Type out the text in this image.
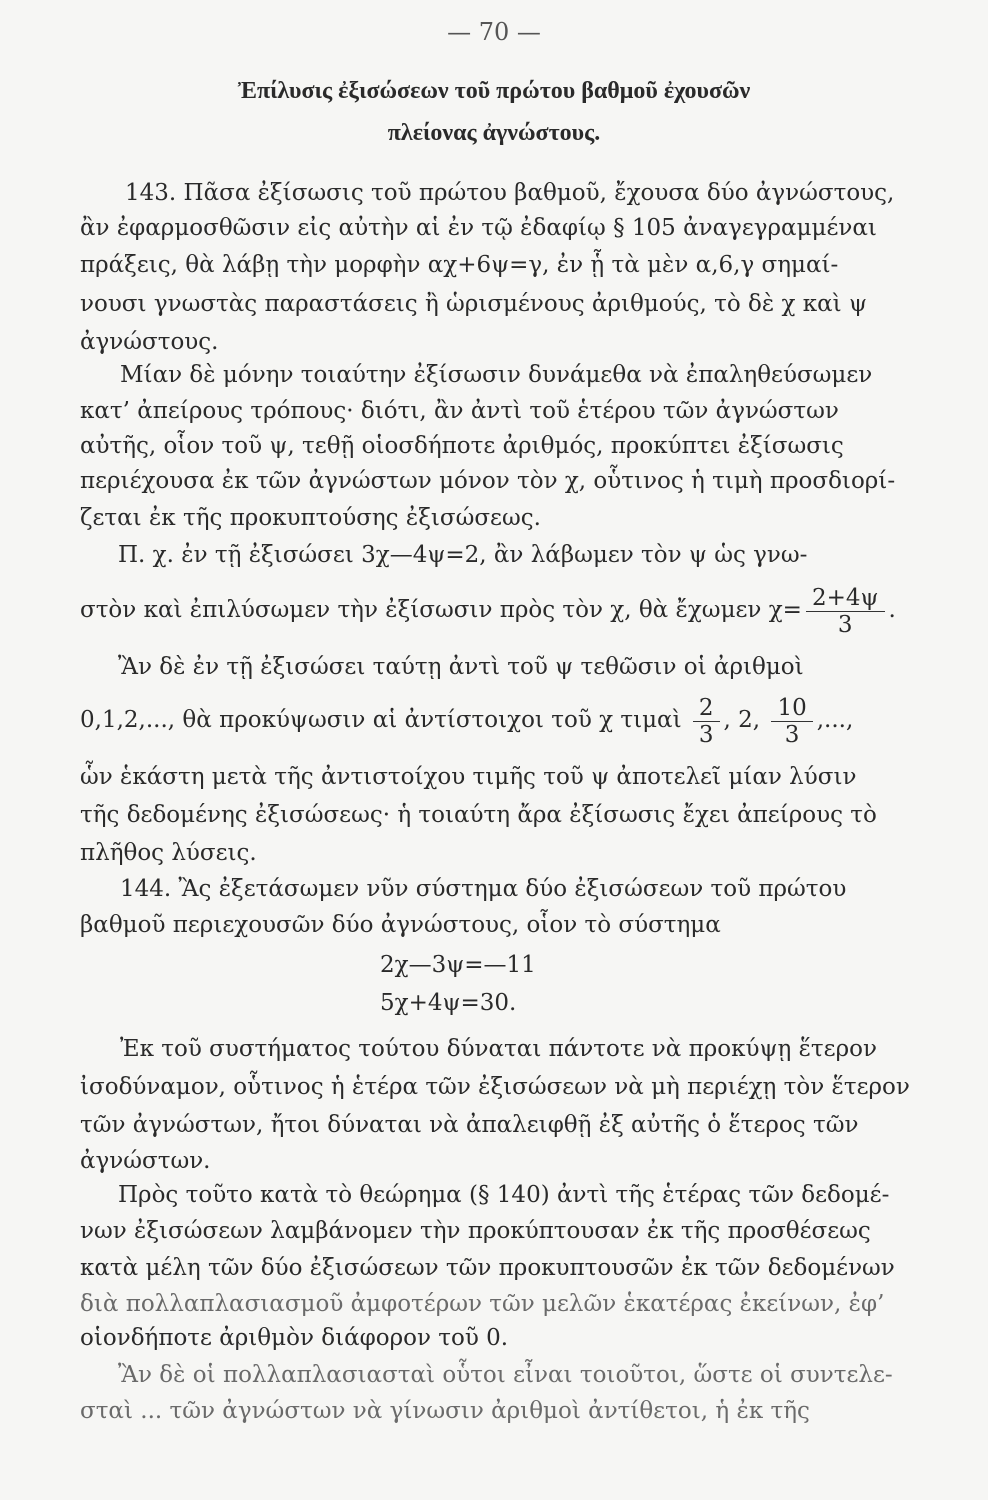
— 70 —
Ἐπίλυσις ἐξισώσεων τοῦ πρώτου βαθμοῦ ἐχουσῶν
πλείονας ἀγνώστους.
143. Πᾶσα ἐξίσωσις τοῦ πρώτου βαθμοῦ, ἔχουσα δύο ἀγνώστους,
ἂν ἐφαρμοσθῶσιν εἰς αὐτὴν αἱ ἐν τῷ ἐδαφίῳ § 105 ἀναγεγραμμέναι
πράξεις, θὰ λάβῃ τὴν μορφὴν αχ+6ψ=γ, ἐν ᾗ τὰ μὲν α,6,γ σημαί-
νουσι γνωστὰς παραστάσεις ἢ ὡρισμένους ἀριθμούς, τὸ δὲ χ καὶ ψ
ἀγνώστους.
Μίαν δὲ μόνην τοιαύτην ἐξίσωσιν δυνάμεθα νὰ ἐπαληθεύσωμεν
κατ’ ἀπείρους τρόπους· διότι, ἂν ἀντὶ τοῦ ἑτέρου τῶν ἀγνώστων
αὐτῆς, οἷον τοῦ ψ, τεθῇ οἱοσδήποτε ἀριθμός, προκύπτει ἐξίσωσις
περιέχουσα ἐκ τῶν ἀγνώστων μόνον τὸν χ, οὗτινος ἡ τιμὴ προσδιορί-
ζεται ἐκ τῆς προκυπτούσης ἐξισώσεως.
Π. χ. ἐν τῇ ἐξισώσει 3χ—4ψ=2, ἂν λάβωμεν τὸν ψ ὡς γνω-
στὸν καὶ ἐπιλύσωμεν τὴν ἐξίσωσιν πρὸς τὸν χ, θὰ ἔχωμεν $\chi= \frac{2+4\psi}{3}$ .
Ἂν δὲ ἐν τῇ ἐξισώσει ταύτῃ ἀντὶ τοῦ ψ τεθῶσιν οἱ ἀριθμοὶ
0,1,2,..., θὰ προκύψωσιν αἱ ἀντίστοιχοι τοῦ χ τιμαὶ $\frac{2}{3}$ , 2, $\frac{10}{3}$ ,...,
ὧν ἑκάστη μετὰ τῆς ἀντιστοίχου τιμῆς τοῦ ψ ἀποτελεῖ μίαν λύσιν
τῆς δεδομένης ἐξισώσεως· ἡ τοιαύτη ἄρα ἐξίσωσις ἔχει ἀπείρους τὸ
πλῆθος λύσεις.
144. Ἂς ἐξετάσωμεν νῦν σύστημα δύο ἐξισώσεων τοῦ πρώτου
βαθμοῦ περιεχουσῶν δύο ἀγνώστους, οἷον τὸ σύστημα
2χ—3ψ=—11
5χ+4ψ=30.
Ἐκ τοῦ συστήματος τούτου δύναται πάντοτε νὰ προκύψῃ ἕτερον
ἰσοδύναμον, οὗτινος ἡ ἑτέρα τῶν ἐξισώσεων νὰ μὴ περιέχῃ τὸν ἕτερον
τῶν ἀγνώστων, ἤτοι δύναται νὰ ἀπαλειφθῇ ἐξ αὐτῆς ὁ ἕτερος τῶν
ἀγνώστων.
Πρὸς τοῦτο κατὰ τὸ θεώρημα (§ 140) ἀντὶ τῆς ἑτέρας τῶν δεδομέ-
νων ἐξισώσεων λαμβάνομεν τὴν προκύπτουσαν ἐκ τῆς προσθέσεως
κατὰ μέλη τῶν δύο ἐξισώσεων τῶν προκυπτουσῶν ἐκ τῶν δεδομένων
διὰ πολλαπλασιασμοῦ ἀμφοτέρων τῶν μελῶν ἑκατέρας ἐκείνων, ἐφ’
οἱονδήποτε ἀριθμὸν διάφορον τοῦ 0.
Ἂν δὲ οἱ πολλαπλασιασταὶ οὗτοι εἶναι τοιοῦτοι, ὥστε οἱ συντελε-
σταὶ ... τῶν ἀγνώστων νὰ γίνωσιν ἀριθμοὶ ἀντίθετοι, ἡ ἐκ τῆς
